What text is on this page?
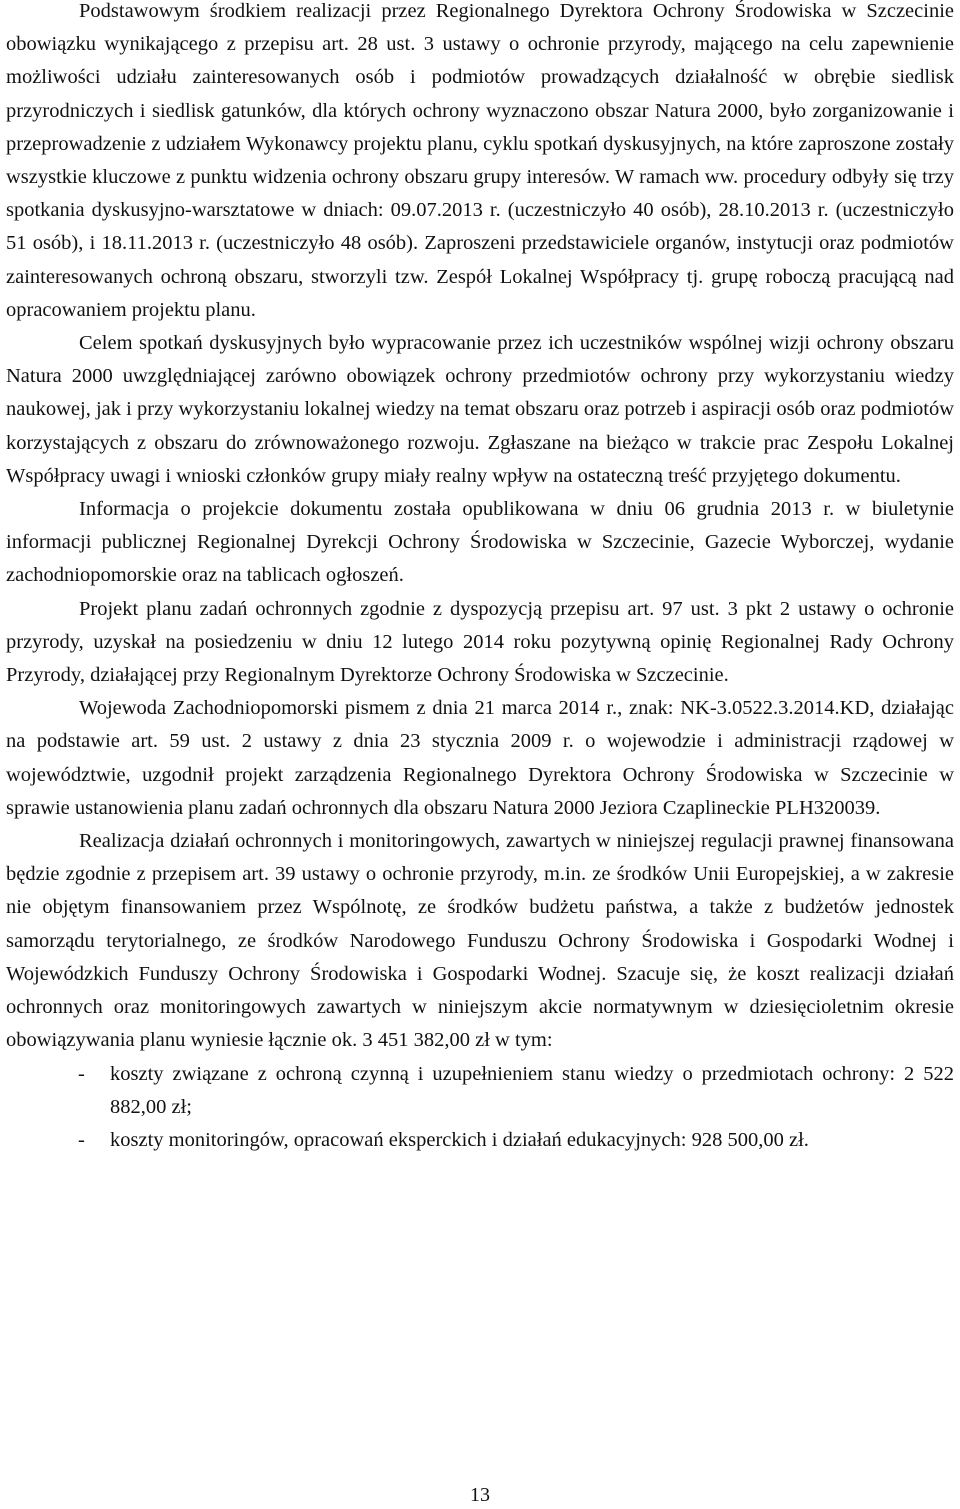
Podstawowym środkiem realizacji przez Regionalnego Dyrektora Ochrony Środowiska w Szczecinie obowiązku wynikającego z przepisu art. 28 ust. 3 ustawy o ochronie przyrody, mającego na celu zapewnienie możliwości udziału zainteresowanych osób i podmiotów prowadzących działalność w obrębie siedlisk przyrodniczych i siedlisk gatunków, dla których ochrony wyznaczono obszar Natura 2000, było zorganizowanie i przeprowadzenie z udziałem Wykonawcy projektu planu, cyklu spotkań dyskusyjnych, na które zaproszone zostały wszystkie kluczowe z punktu widzenia ochrony obszaru grupy interesów. W ramach ww. procedury odbyły się trzy spotkania dyskusyjno-warsztatowe w dniach: 09.07.2013 r. (uczestniczyło 40 osób), 28.10.2013 r. (uczestniczyło 51 osób), i 18.11.2013 r. (uczestniczyło 48 osób). Zaproszeni przedstawiciele organów, instytucji oraz podmiotów zainteresowanych ochroną obszaru, stworzyli tzw. Zespół Lokalnej Współpracy tj. grupę roboczą pracującą nad opracowaniem projektu planu.

Celem spotkań dyskusyjnych było wypracowanie przez ich uczestników wspólnej wizji ochrony obszaru Natura 2000 uwzględniającej zarówno obowiązek ochrony przedmiotów ochrony przy wykorzystaniu wiedzy naukowej, jak i przy wykorzystaniu lokalnej wiedzy na temat obszaru oraz potrzeb i aspiracji osób oraz podmiotów korzystających z obszaru do zrównoważonego rozwoju. Zgłaszane na bieżąco w trakcie prac Zespołu Lokalnej Współpracy uwagi i wnioski członków grupy miały realny wpływ na ostateczną treść przyjętego dokumentu.

Informacja o projekcie dokumentu została opublikowana w dniu 06 grudnia 2013 r. w biuletynie informacji publicznej Regionalnej Dyrekcji Ochrony Środowiska w Szczecinie, Gazecie Wyborczej, wydanie zachodniopomorskie oraz na tablicach ogłoszeń.

Projekt planu zadań ochronnych zgodnie z dyspozycją przepisu art. 97 ust. 3 pkt 2 ustawy o ochronie przyrody, uzyskał na posiedzeniu w dniu 12 lutego 2014 roku pozytywną opinię Regionalnej Rady Ochrony Przyrody, działającej przy Regionalnym Dyrektorze Ochrony Środowiska w Szczecinie.

Wojewoda Zachodniopomorski pismem z dnia 21 marca 2014 r., znak: NK-3.0522.3.2014.KD, działając na podstawie art. 59 ust. 2 ustawy z dnia 23 stycznia 2009 r. o wojewodzie i administracji rządowej w województwie, uzgodnił projekt zarządzenia Regionalnego Dyrektora Ochrony Środowiska w Szczecinie w sprawie ustanowienia planu zadań ochronnych dla obszaru Natura 2000 Jeziora Czaplineckie PLH320039.

Realizacja działań ochronnych i monitoringowych, zawartych w niniejszej regulacji prawnej finansowana będzie zgodnie z przepisem art. 39 ustawy o ochronie przyrody, m.in. ze środków Unii Europejskiej, a w zakresie nie objętym finansowaniem przez Wspólnotę, ze środków budżetu państwa, a także z budżetów jednostek samorządu terytorialnego, ze środków Narodowego Funduszu Ochrony Środowiska i Gospodarki Wodnej i Wojewódzkich Funduszy Ochrony Środowiska i Gospodarki Wodnej. Szacuje się, że koszt realizacji działań ochronnych oraz monitoringowych zawartych w niniejszym akcie normatywnym w dziesięcioletnim okresie obowiązywania planu wyniesie łącznie ok. 3 451 382,00 zł w tym:

- koszty związane z ochroną czynną i uzupełnieniem stanu wiedzy o przedmiotach ochrony: 2 522 882,00 zł;
- koszty monitoringów, opracowań eksperckich i działań edukacyjnych: 928 500,00 zł.
13
